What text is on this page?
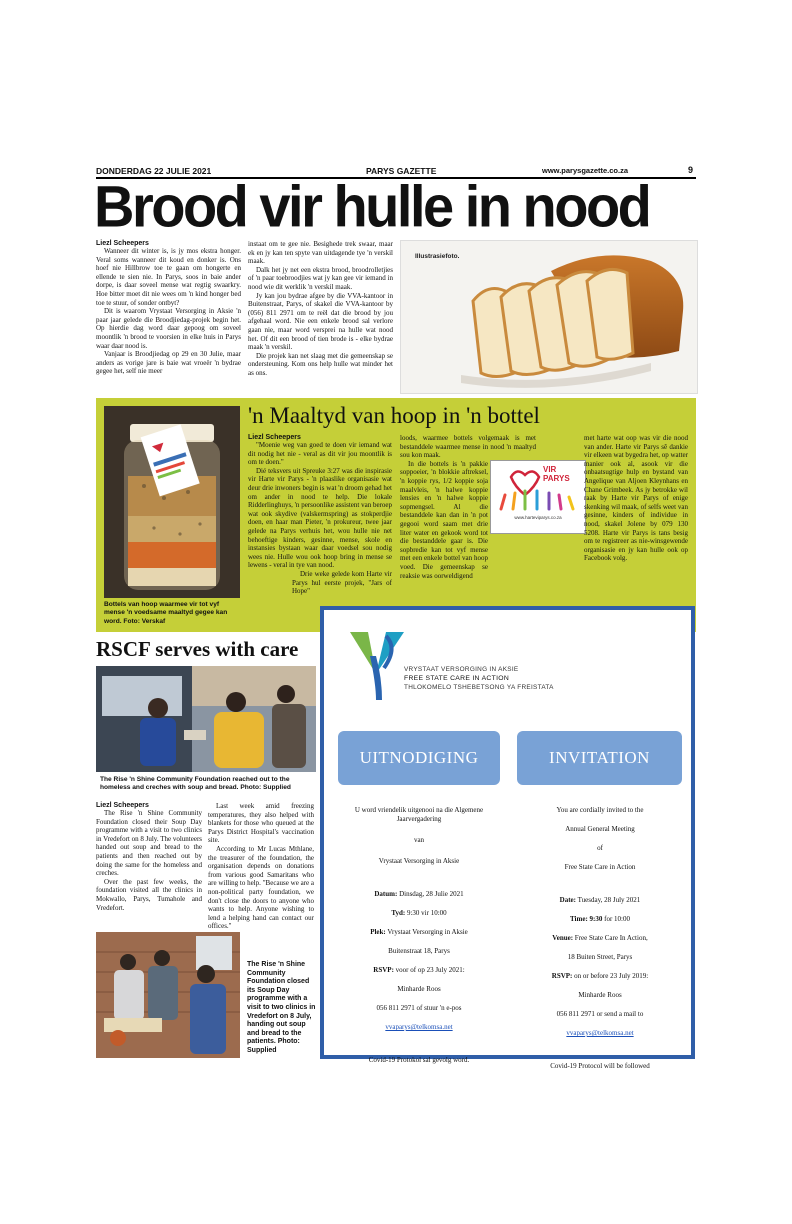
DONDERDAG 22 JULIE 2021	PARYS GAZETTE	www.parysgazette.co.za	9
Brood vir hulle in nood
Liezl Scheepers

Wanneer dit winter is, is jy mos ekstra honger. Veral soms wanneer dit koud en donker is. Ons hoef nie Hillbrow toe te gaan om hongerte en ellende te sien nie. In Parys, soos in baie ander dorpe, is daar soveel mense wat regtig swaarkry. Hoe bitter moet dit nie wees om 'n kind honger bed toe te stuur, of sonder ontbyt?

Dit is waarom Vrystaat Versorging in Aksie 'n paar jaar gelede die Broodjiedag-projek begin het. Op hierdie dag word daar gepoog om soveel moontlik 'n brood te voorsien in elke huis in Parys waar daar nood is.

Vanjaar is Broodjiedag op 29 en 30 Julie, maar anders as vorige jare is baie wat vroeër 'n bydrae gegee het, self nie meer

instaat om te gee nie. Besighede trek swaar, maar ek en jy kan ten spyte van uitdagende tye 'n verskil maak.

Dalk het jy net een ekstra brood, broodrolletjies of 'n paar toebroodjies wat jy kan gee vir iemand in nood wie dit werklik 'n verskil maak.

Jy kan jou bydrae afgee by die VVA-kantoor in Buitenstraat, Parys, of skakel die VVA-kantoor by (056) 811 2971 om te reël dat die brood by jou afgehaal word. Nie een enkele brood sal verlore gaan nie, maar word versprei na hulle wat nood het. Of dit een brood of tien brode is - elke bydrae maak 'n verskil.

Die projek kan net slaag met die gemeenskap se ondersteuning. Kom ons help hulle wat minder het as ons.

Illustrasiefoto.
Bottels van hoop waarmee vir tot vyf mense 'n voedsame maaltyd gegee kan word. Foto: Verskaf
'n Maaltyd van hoop in 'n bottel
Liezl Scheepers

"Moenie weg van goed te doen vir iemand wat dit nodig het nie - veral as dit vir jou moontlik is om te doen."

Dié teksvers uit Spreuke 3:27 was die inspirasie vir Harte vir Parys - 'n plaaslike organisasie wat deur drie inwoners begin is wat 'n droom gehad het om ander in nood te help. Die lokale Ridderlinghuys, 'n persoonlike assistent van beroep wat ook skydive (valskermspring) as stokperdjie doen, en haar man Pieter, 'n prokureur, twee jaar gelede na Parys verhuis het, wou hulle nie net behoeftige kinders, gesinne, mense, skole en instansies bystaan waar daar voedsel sou nodig wees nie. Hulle wou ook hoop bring in mense se lewens - veral in tye van nood.

Drie weke gelede kom Harte vir Parys hul eerste projek, "Jars of Hope"

loods, waarmee bottels volgemaak is met bestanddele waarmee mense in nood 'n maaltyd sou kon maak.

In die bottels is 'n pakkie soppoeier, 'n blokkie aftreksel, 'n koppie rys, 1/2 koppie soja maalvleis, 'n halwe koppie lensies en 'n halwe koppie sopmengsel. Al die bestanddele kan dan in 'n pot gegooi word saam met drie liter water en gekook word tot die bestanddele gaar is. Die sopbredie kan tot vyf mense met een enkele bottel van hoop voed. Die gemeenskap se reaksie was oorweldigend

VIR PARYS
www.harteviparys.co.za

met harte wat oop was vir die nood van ander. Harte vir Parys sê dankie vir elkeen wat bygedra het, op watter manier ook al, asook vir die onbaatsugtige hulp en bystand van Angelique van Aljoen Kleynhans en Chane Grimbeek. As jy betrokke wil raak by Harte vir Parys of enige skenking wil maak, of selfs weet van gesinne, kinders of individue in nood, skakel Jolene by 079 130 5208. Harte vir Parys is tans besig om te registreer as nie-winsgewende organisasie en jy kan hulle ook op Facebook volg.

RSCF serves with care
The Rise 'n Shine Community Foundation reached out to the homeless and creches with soup and bread. Photo: Supplied
Liezl Scheepers

The Rise 'n Shine Community Foundation closed their Soup Day programme with a visit to two clinics in Vredefort on 8 July. The volunteers handed out soup and bread to the patients and then reached out by doing the same for the homeless and creches.

Over the past few weeks, the foundation visited all the clinics in Mokwallo, Parys, Tumahole and Vredefort.

Last week amid freezing temperatures, they also helped with blankets for those who queued at the Parys District Hospital's vaccination site.

According to Mr Lucas Mthlane, the treasurer of the foundation, the organisation depends on donations from various good Samaritans who are willing to help. "Because we are a non-political party foundation, we don't close the doors to anyone who wants to help. Anyone wishing to lend a helping hand can contact our offices."

The Rise 'n Shine Community Foundation closed its Soup Day programme with a visit to two clinics in Vredefort on 8 July, handing out soup and bread to the patients. Photo: Supplied
VRYSTAAT VERSORGING IN AKSIE
FREE STATE CARE IN ACTION
THLOKOMELO TSHEBETSONG YA FREISTATA
UITNODIGING	INVITATION

U word vriendelik uitgenooi na die Algemene

Jaarvergadering

van

Vrystaat Versorging in Aksie

Datum: Dinsdag, 28 Julie 2021

Tyd: 9:30 vir 10:00

Plek: Vrystaat Versorging in Aksie

Buitenstraat 18, Parys

RSVP: voor of op 23 July 2021:

Minharde Roos

056 811 2971 of stuur 'n e-pos

vvaparys@telkomsa.net

Covid-19 Protokol sal gevolg word.

You are cordially invited to the

Annual General Meeting

of

Free State Care in Action

Date: Tuesday, 28 July 2021

Time: 9:30 for 10:00

Venue: Free State Care In Action,

18 Buiten Street, Parys

RSVP: on or before 23 July 2019:

Minharde Roos

056 811 2971 or send a mail to

vvaparys@telkomsa.net

Covid-19 Protocol will be followed
